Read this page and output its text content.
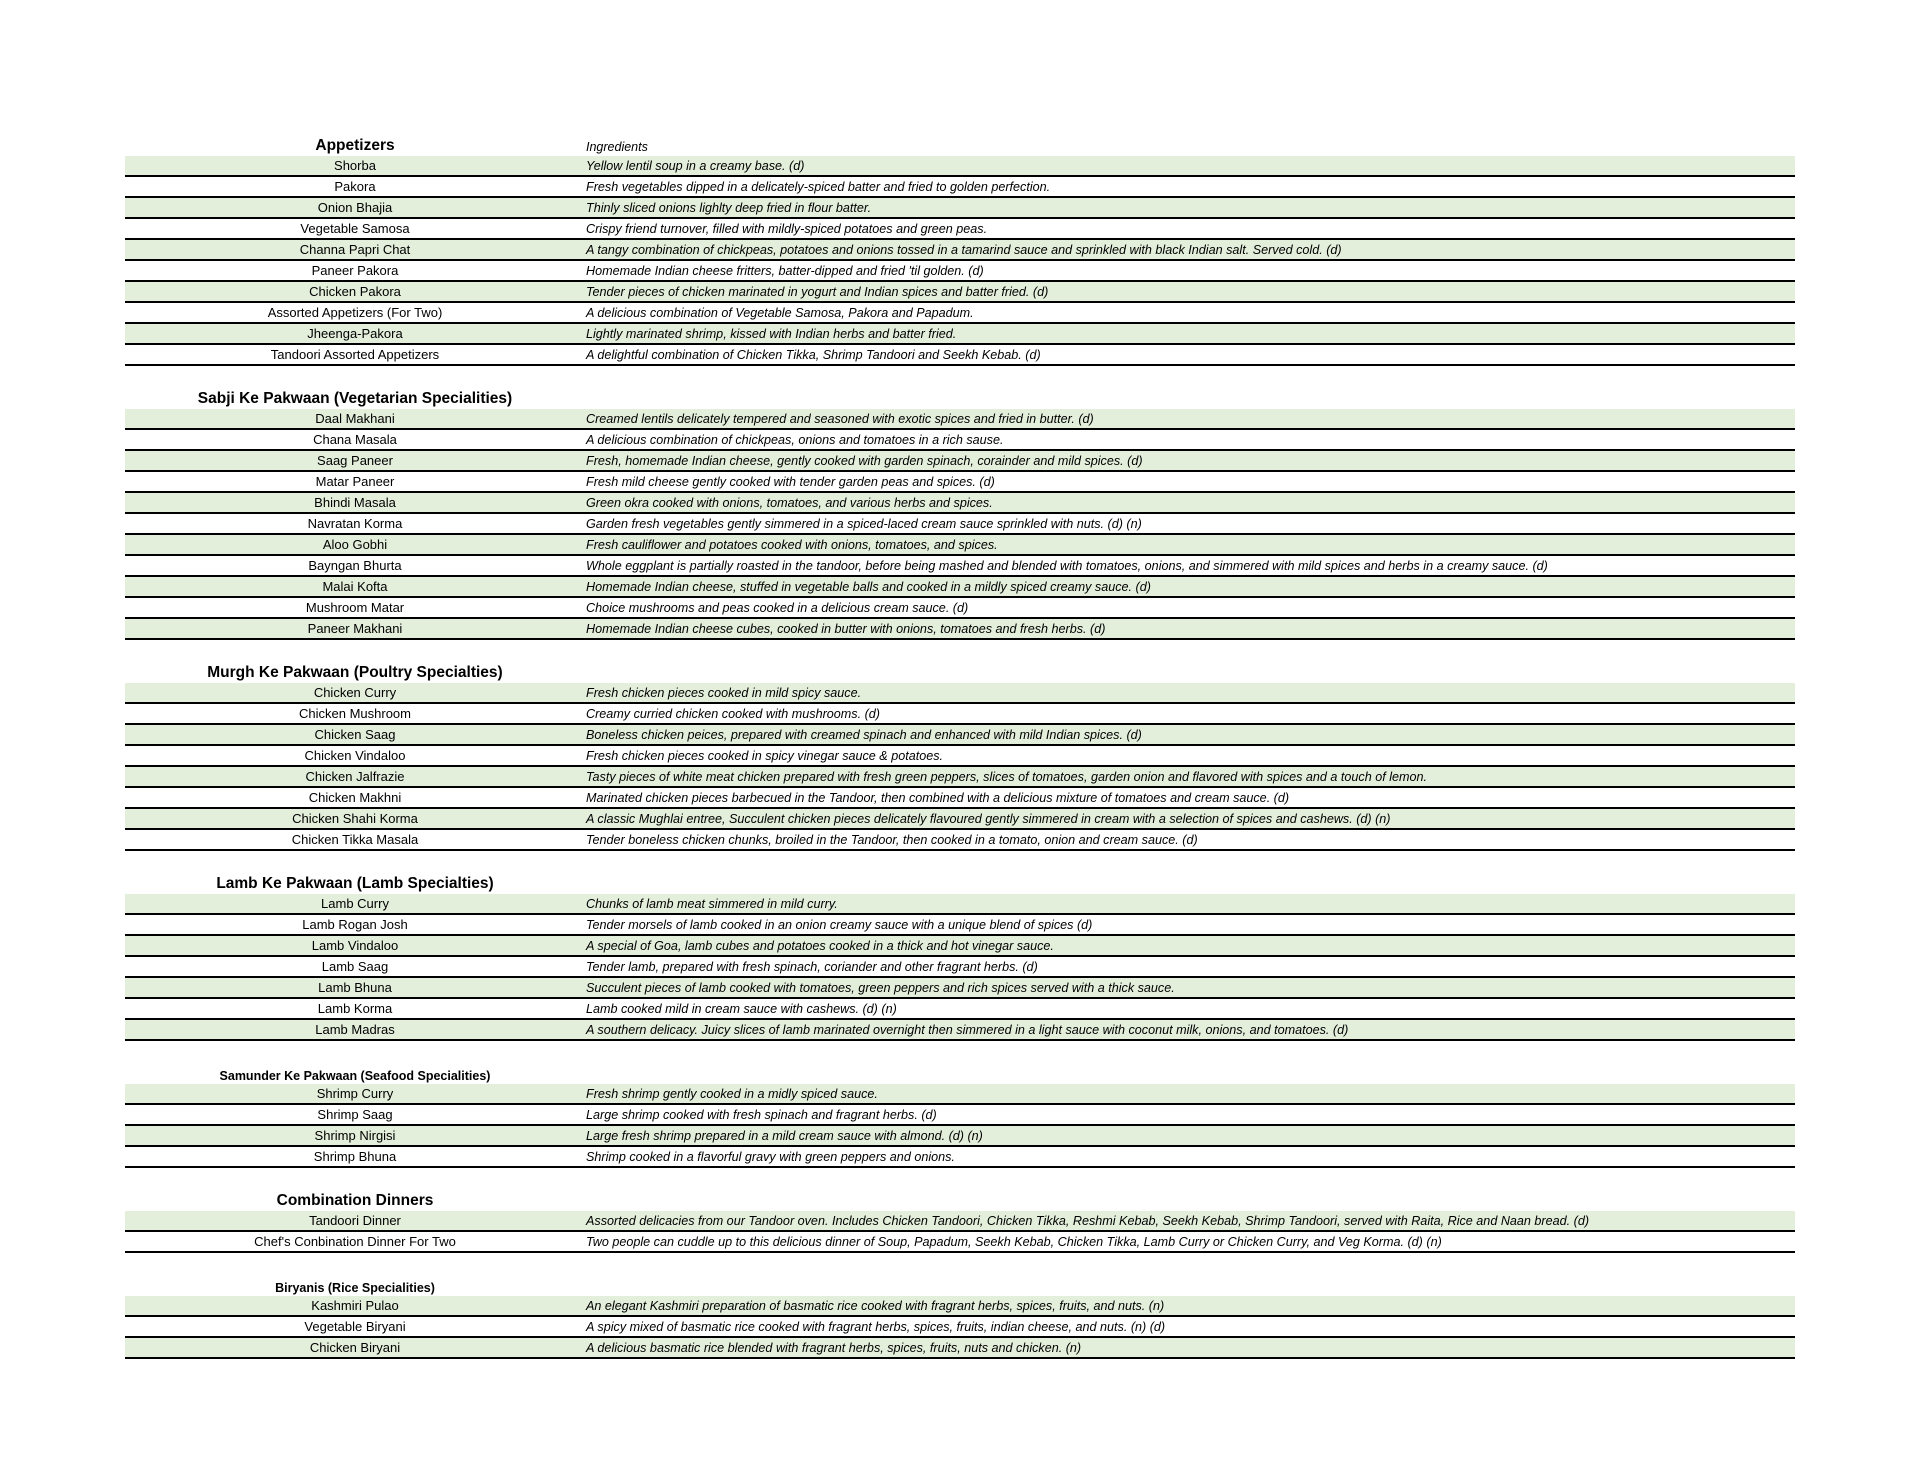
Appetizers	Ingredients
Shorba	Yellow lentil soup in a creamy base. (d)
Pakora	Fresh vegetables dipped in a delicately-spiced batter and fried to golden perfection.
Onion Bhajia	Thinly sliced onions lighlty deep fried in flour batter.
Vegetable Samosa	Crispy friend turnover, filled with mildly-spiced potatoes and green peas.
Channa Papri Chat	A tangy combination of chickpeas, potatoes and onions tossed in a tamarind sauce and sprinkled with black Indian salt. Served cold. (d)
Paneer Pakora	Homemade Indian cheese fritters, batter-dipped and fried 'til golden. (d)
Chicken Pakora	Tender pieces of chicken marinated in yogurt and Indian spices and batter fried. (d)
Assorted Appetizers (For Two)	A delicious combination of Vegetable Samosa, Pakora and Papadum.
Jheenga-Pakora	Lightly marinated shrimp, kissed with Indian herbs and batter fried.
Tandoori Assorted Appetizers	A delightful combination of Chicken Tikka, Shrimp Tandoori and Seekh Kebab. (d)
Sabji Ke Pakwaan (Vegetarian Specialities)
Daal Makhani	Creamed lentils delicately tempered and seasoned with exotic spices and fried in butter. (d)
Chana Masala	A delicious combination of chickpeas, onions and tomatoes in a rich sause.
Saag Paneer	Fresh, homemade Indian cheese, gently cooked with garden spinach, corainder and mild spices. (d)
Matar Paneer	Fresh mild cheese gently cooked with tender garden peas and spices. (d)
Bhindi Masala	Green okra cooked with onions, tomatoes, and various herbs and spices.
Navratan Korma	Garden fresh vegetables gently simmered in a spiced-laced cream sauce sprinkled with nuts. (d) (n)
Aloo Gobhi	Fresh cauliflower and potatoes cooked with onions, tomatoes, and spices.
Bayngan Bhurta	Whole eggplant is partially roasted in the tandoor, before being mashed and blended with tomatoes, onions, and simmered with mild spices and herbs in a creamy sauce. (d)
Malai Kofta	Homemade Indian cheese, stuffed in vegetable balls and cooked in a mildly spiced creamy sauce. (d)
Mushroom Matar	Choice mushrooms and peas cooked in a delicious cream sauce. (d)
Paneer Makhani	Homemade Indian cheese cubes, cooked in butter with onions, tomatoes and fresh herbs. (d)
Murgh Ke Pakwaan (Poultry Specialties)
Chicken Curry	Fresh chicken pieces cooked in mild spicy sauce.
Chicken Mushroom	Creamy curried chicken cooked with mushrooms. (d)
Chicken Saag	Boneless chicken peices, prepared with creamed spinach and enhanced with mild Indian spices. (d)
Chicken Vindaloo	Fresh chicken pieces cooked in spicy vinegar sauce & potatoes.
Chicken Jalfrazie	Tasty pieces of white meat chicken prepared with fresh green peppers, slices of tomatoes, garden onion and flavored with spices and a touch of lemon.
Chicken Makhni	Marinated chicken pieces barbecued in the Tandoor, then combined with a delicious mixture of tomatoes and cream sauce. (d)
Chicken Shahi Korma	A classic Mughlai entree, Succulent chicken pieces delicately flavoured gently simmered in cream with a selection of spices and cashews. (d) (n)
Chicken Tikka Masala	Tender boneless chicken chunks, broiled in the Tandoor, then cooked in a tomato, onion and cream sauce. (d)
Lamb Ke Pakwaan (Lamb Specialties)
Lamb Curry	Chunks of lamb meat simmered in mild curry.
Lamb Rogan Josh	Tender morsels of lamb cooked in an onion creamy sauce with a unique blend of spices (d)
Lamb Vindaloo	A special of Goa, lamb cubes and potatoes cooked in a thick and hot vinegar sauce.
Lamb Saag	Tender lamb, prepared with fresh spinach, coriander and other fragrant herbs. (d)
Lamb Bhuna	Succulent pieces of lamb cooked with tomatoes, green peppers and rich spices served with a thick sauce.
Lamb Korma	Lamb cooked mild in cream sauce with cashews. (d) (n)
Lamb Madras	A southern delicacy. Juicy slices of lamb marinated overnight then simmered in a light sauce with coconut milk, onions, and tomatoes. (d)
Samunder Ke Pakwaan (Seafood Specialities)
Shrimp Curry	Fresh shrimp gently cooked in a midly spiced sauce.
Shrimp Saag	Large shrimp cooked with fresh spinach and fragrant herbs. (d)
Shrimp Nirgisi	Large fresh shrimp prepared in a mild cream sauce with almond. (d) (n)
Shrimp Bhuna	Shrimp cooked in a flavorful gravy with green peppers and onions.
Combination Dinners
Tandoori Dinner	Assorted delicacies from our Tandoor oven. Includes Chicken Tandoori, Chicken Tikka, Reshmi Kebab, Seekh Kebab, Shrimp Tandoori, served with Raita, Rice and Naan bread. (d)
Chef's Conbination Dinner For Two	Two people can cuddle up to this delicious dinner of Soup, Papadum, Seekh Kebab, Chicken Tikka, Lamb Curry or Chicken Curry, and Veg Korma. (d) (n)
Biryanis (Rice Specialities)
Kashmiri Pulao	An elegant Kashmiri preparation of basmatic rice cooked with fragrant herbs, spices, fruits, and nuts. (n)
Vegetable Biryani	A spicy mixed of basmatic rice cooked with fragrant herbs, spices, fruits, indian cheese, and nuts. (n) (d)
Chicken Biryani	A delicious basmatic rice blended with fragrant herbs, spices, fruits, nuts and chicken. (n)
